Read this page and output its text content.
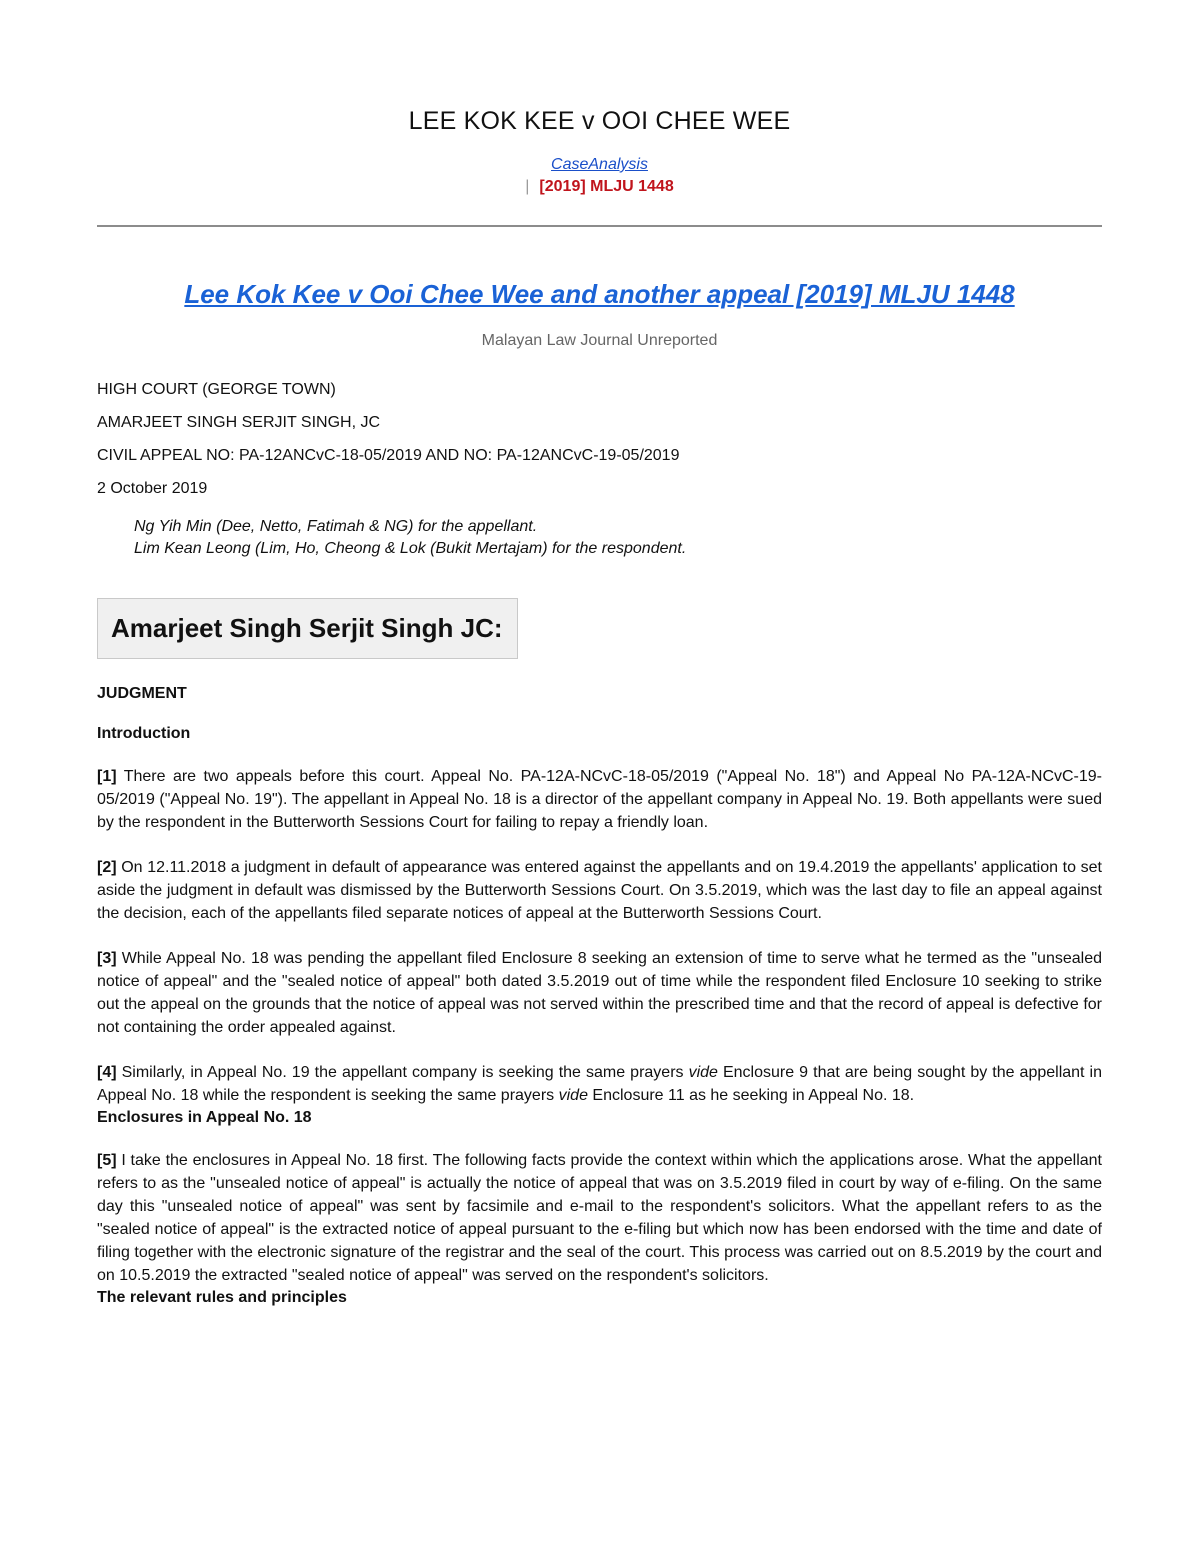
LEE KOK KEE v OOI CHEE WEE
CaseAnalysis
| [2019] MLJU 1448
Lee Kok Kee v Ooi Chee Wee and another appeal [2019] MLJU 1448
Malayan Law Journal Unreported
HIGH COURT (GEORGE TOWN)
AMARJEET SINGH SERJIT SINGH, JC
CIVIL APPEAL NO: PA-12ANCvC-18-05/2019 AND NO: PA-12ANCvC-19-05/2019
2 October 2019
Ng Yih Min (Dee, Netto, Fatimah & NG) for the appellant.
Lim Kean Leong (Lim, Ho, Cheong & Lok (Bukit Mertajam) for the respondent.
Amarjeet Singh Serjit Singh JC:
JUDGMENT
Introduction

[1] There are two appeals before this court. Appeal No. PA-12A-NCvC-18-05/2019 ("Appeal No. 18") and Appeal No PA-12A-NCvC-19-05/2019 ("Appeal No. 19"). The appellant in Appeal No. 18 is a director of the appellant company in Appeal No. 19. Both appellants were sued by the respondent in the Butterworth Sessions Court for failing to repay a friendly loan.

[2] On 12.11.2018 a judgment in default of appearance was entered against the appellants and on 19.4.2019 the appellants' application to set aside the judgment in default was dismissed by the Butterworth Sessions Court. On 3.5.2019, which was the last day to file an appeal against the decision, each of the appellants filed separate notices of appeal at the Butterworth Sessions Court.

[3] While Appeal No. 18 was pending the appellant filed Enclosure 8 seeking an extension of time to serve what he termed as the "unsealed notice of appeal" and the "sealed notice of appeal" both dated 3.5.2019 out of time while the respondent filed Enclosure 10 seeking to strike out the appeal on the grounds that the notice of appeal was not served within the prescribed time and that the record of appeal is defective for not containing the order appealed against.

[4] Similarly, in Appeal No. 19 the appellant company is seeking the same prayers vide Enclosure 9 that are being sought by the appellant in Appeal No. 18 while the respondent is seeking the same prayers vide Enclosure 11 as he seeking in Appeal No. 18.

Enclosures in Appeal No. 18

[5] I take the enclosures in Appeal No. 18 first. The following facts provide the context within which the applications arose. What the appellant refers to as the "unsealed notice of appeal" is actually the notice of appeal that was on 3.5.2019 filed in court by way of e-filing. On the same day this "unsealed notice of appeal" was sent by facsimile and e-mail to the respondent's solicitors. What the appellant refers to as the "sealed notice of appeal" is the extracted notice of appeal pursuant to the e-filing but which now has been endorsed with the time and date of filing together with the electronic signature of the registrar and the seal of the court. This process was carried out on 8.5.2019 by the court and on 10.5.2019 the extracted "sealed notice of appeal" was served on the respondent's solicitors.

The relevant rules and principles
